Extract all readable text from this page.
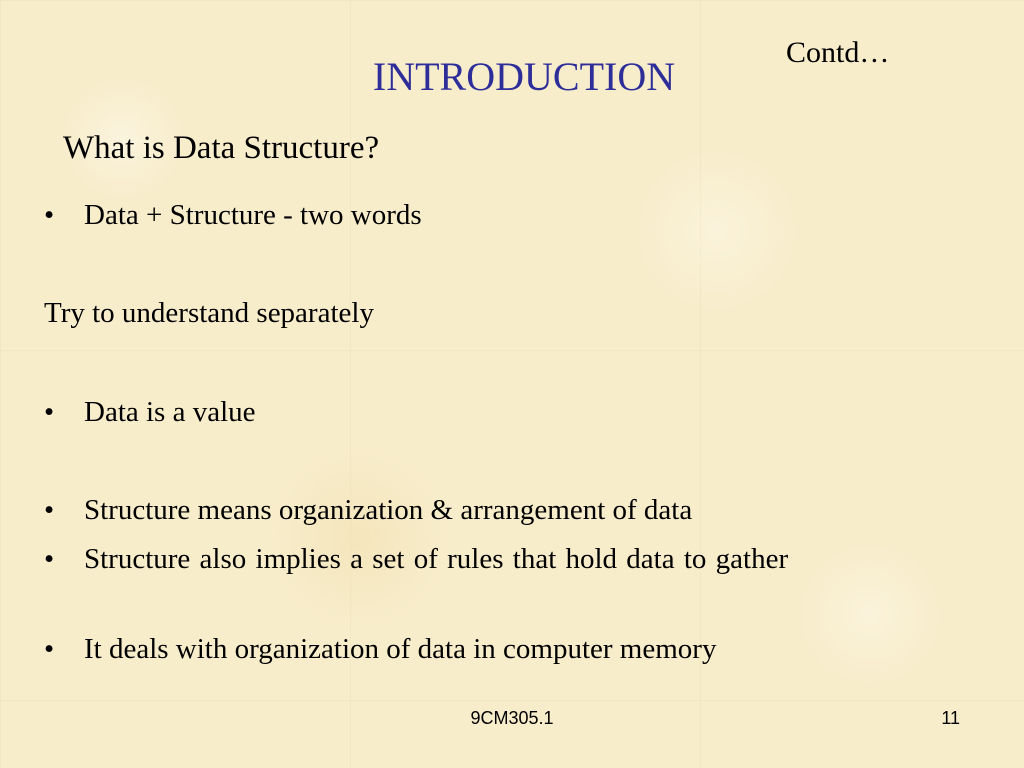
INTRODUCTION
Contd…
What is Data Structure?
•	Data + Structure - two words
Try to understand separately
•	Data is a value
•	Structure means organization & arrangement of data
•	Structure also implies a set of rules that hold data to gather
•	It deals with organization of data in computer memory
9CM305.1	11
